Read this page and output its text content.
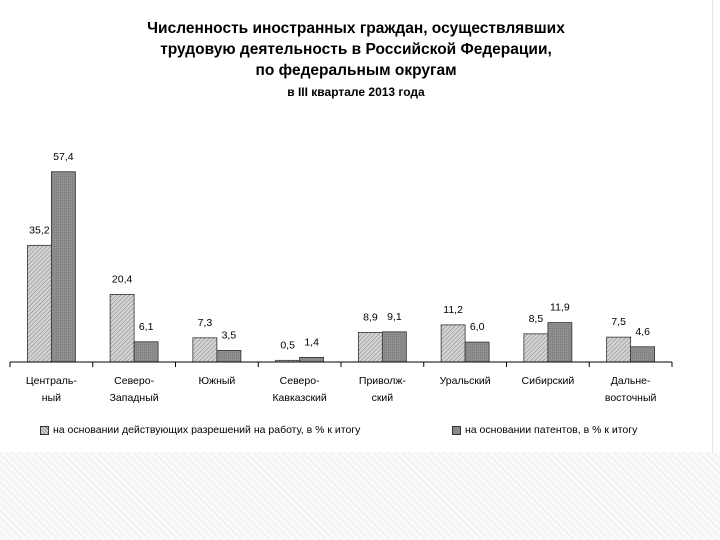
Численность иностранных граждан, осуществлявших
трудовую деятельность в Российской Федерации,
по федеральным округам
в III квартале 2013 года
35,2
57,4
20,4
6,1	7,3
3,5
0,5 1,4
8,9 9,1
11,2
6,0
8,5
11,9
7,5
4,6
Централь-
ный
Северо-
Западный
Южный	Северо-
Кавказский
Приволж-
ский
Уральский	Сибирский	Дальне-
восточный
на основании действующих разрешений на работу, в % к итогу	на основании патентов, в % к итогу
